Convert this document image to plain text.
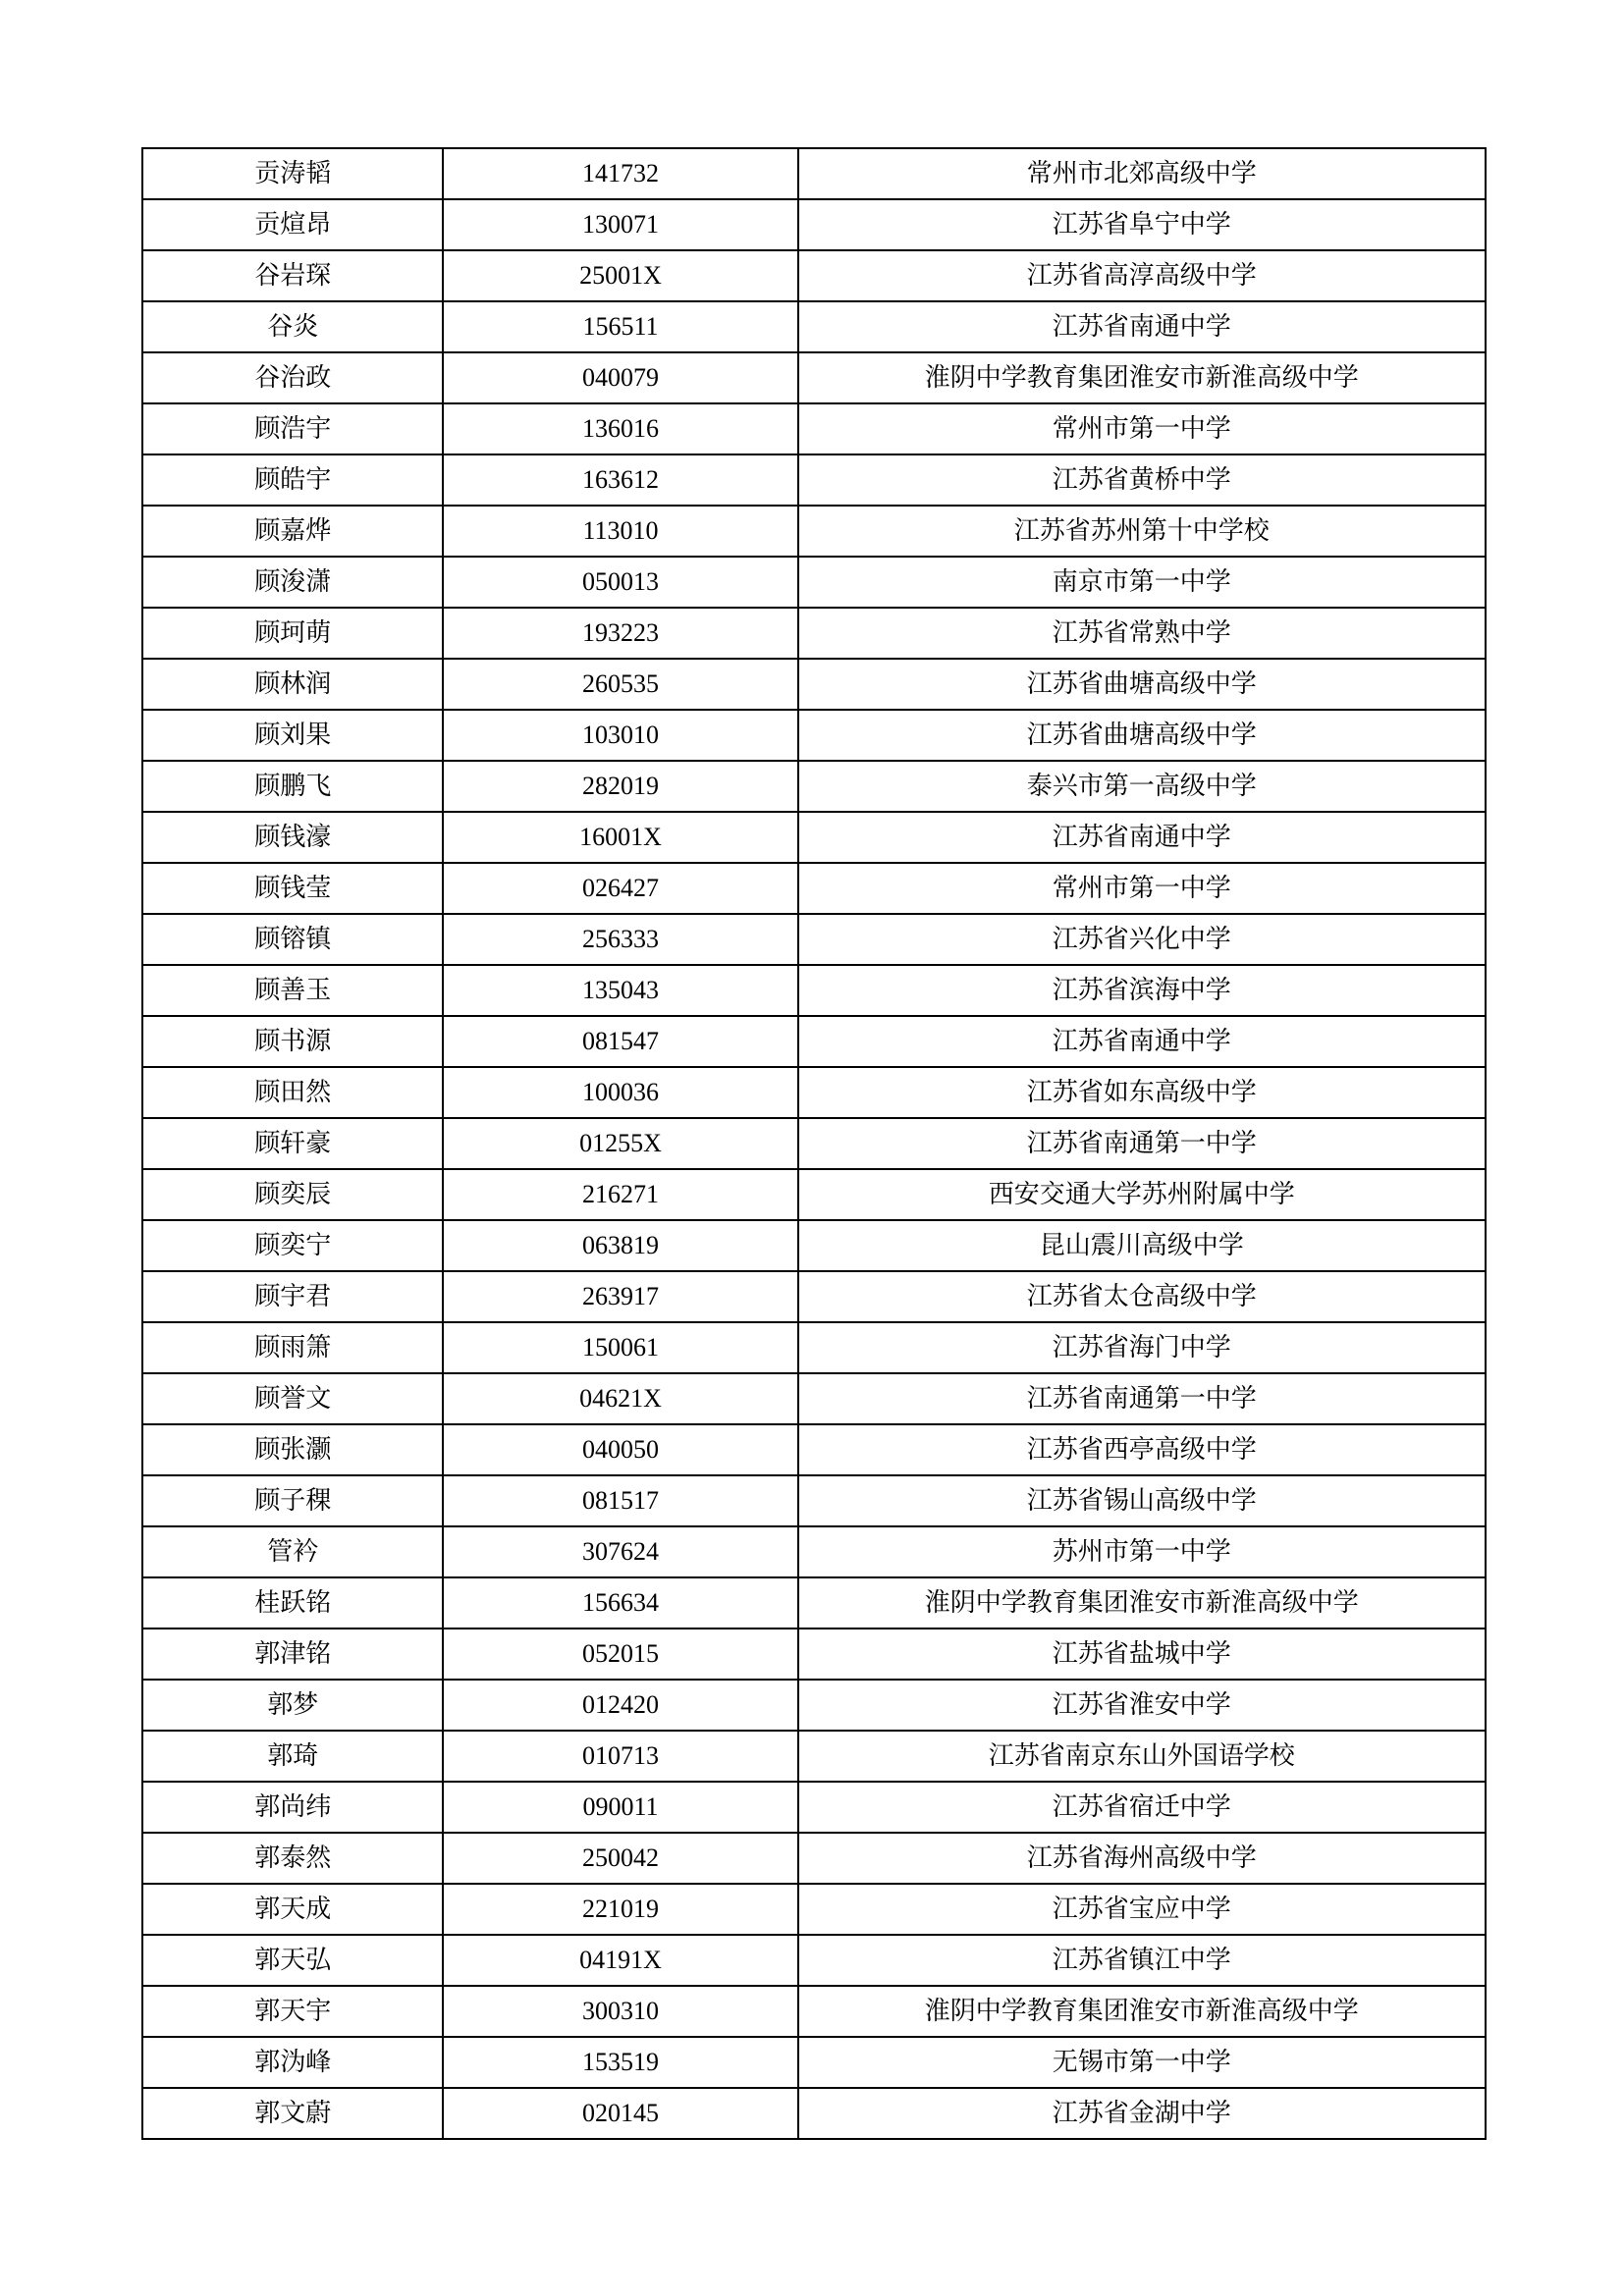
贡涛韬	141732	常州市北郊高级中学
贡煊昂	130071	江苏省阜宁中学
谷岩琛	25001X	江苏省高淳高级中学
谷炎	156511	江苏省南通中学
谷治政	040079	淮阴中学教育集团淮安市新淮高级中学
顾浩宇	136016	常州市第一中学
顾皓宇	163612	江苏省黄桥中学
顾嘉烨	113010	江苏省苏州第十中学校
顾浚潇	050013	南京市第一中学
顾珂萌	193223	江苏省常熟中学
顾林润	260535	江苏省曲塘高级中学
顾刘果	103010	江苏省曲塘高级中学
顾鹏飞	282019	泰兴市第一高级中学
顾钱濠	16001X	江苏省南通中学
顾钱莹	026427	常州市第一中学
顾镕镇	256333	江苏省兴化中学
顾善玉	135043	江苏省滨海中学
顾书源	081547	江苏省南通中学
顾田然	100036	江苏省如东高级中学
顾轩豪	01255X	江苏省南通第一中学
顾奕辰	216271	西安交通大学苏州附属中学
顾奕宁	063819	昆山震川高级中学
顾宇君	263917	江苏省太仓高级中学
顾雨箫	150061	江苏省海门中学
顾誉文	04621X	江苏省南通第一中学
顾张灏	040050	江苏省西亭高级中学
顾子稞	081517	江苏省锡山高级中学
管衿	307624	苏州市第一中学
桂跃铭	156634	淮阴中学教育集团淮安市新淮高级中学
郭津铭	052015	江苏省盐城中学
郭梦	012420	江苏省淮安中学
郭琦	010713	江苏省南京东山外国语学校
郭尚纬	090011	江苏省宿迁中学
郭泰然	250042	江苏省海州高级中学
郭天成	221019	江苏省宝应中学
郭天弘	04191X	江苏省镇江中学
郭天宇	300310	淮阴中学教育集团淮安市新淮高级中学
郭沩峰	153519	无锡市第一中学
郭文蔚	020145	江苏省金湖中学
